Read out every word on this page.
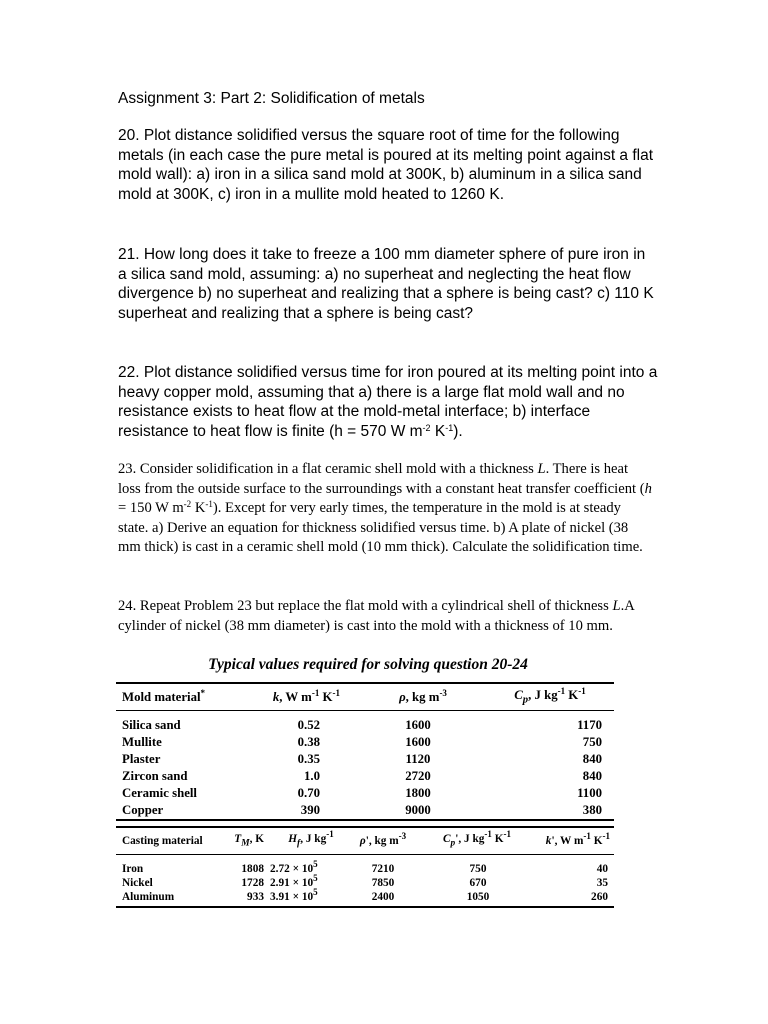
Assignment 3: Part 2: Solidification of metals

20. Plot distance solidified versus the square root of time for the following metals (in each case the pure metal is poured at its melting point against a flat mold wall): a) iron in a silica sand mold at 300K, b) aluminum in a silica sand mold at 300K, c) iron in a mullite mold heated to 1260 K.

21. How long does it take to freeze a 100 mm diameter sphere of pure iron in a silica sand mold, assuming: a) no superheat and neglecting the heat flow divergence b) no superheat and realizing that a sphere is being cast? c) 110 K superheat and realizing that a sphere is being cast?

22. Plot distance solidified versus time for iron poured at its melting point into a heavy copper mold, assuming that a) there is a large flat mold wall and no resistance exists to heat flow at the mold-metal interface; b) interface resistance to heat flow is finite (h = 570 W $m^{-2}$ $K^{-1}$).

23. Consider solidification in a flat ceramic shell mold with a thickness L. There is heat loss from the outside surface to the surroundings with a constant heat transfer coefficient (h = 150 W $m^{-2}$ $K^{-1}$). Except for very early times, the temperature in the mold is at steady state. a) Derive an equation for thickness solidified versus time. b) A plate of nickel (38 mm thick) is cast in a ceramic shell mold (10 mm thick). Calculate the solidification time.

24. Repeat Problem 23 but replace the flat mold with a cylindrical shell of thickness L.A cylinder of nickel (38 mm diameter) is cast into the mold with a thickness of 10 mm.

Typical values required for solving question 20-24
Mold material*	k, W $m^{-1}$ $K^{-1}$	ρ, kg $m^{-3}$	$C_p$, J $kg^{-1}$ $K^{-1}$
Silica sand	0.52	1600	1170
Mullite	0.38	1600	750
Plaster	0.35	1120	840
Zircon sand	1.0	2720	840
Ceramic shell	0.70	1800	1100
Copper	390	9000	380
Casting material	$T_M$, K	$H_f$, J $kg^{-1}$	ρ', kg $m^{-3}$	$C_p'$, J $kg^{-1}$ $K^{-1}$	k', W $m^{-1}$ $K^{-1}$
Iron	1808	$2.72 \times 10^5$	7210	750	40
Nickel	1728	$2.91 \times 10^5$	7850	670	35
Aluminum	933	$3.91 \times 10^5$	2400	1050	260
